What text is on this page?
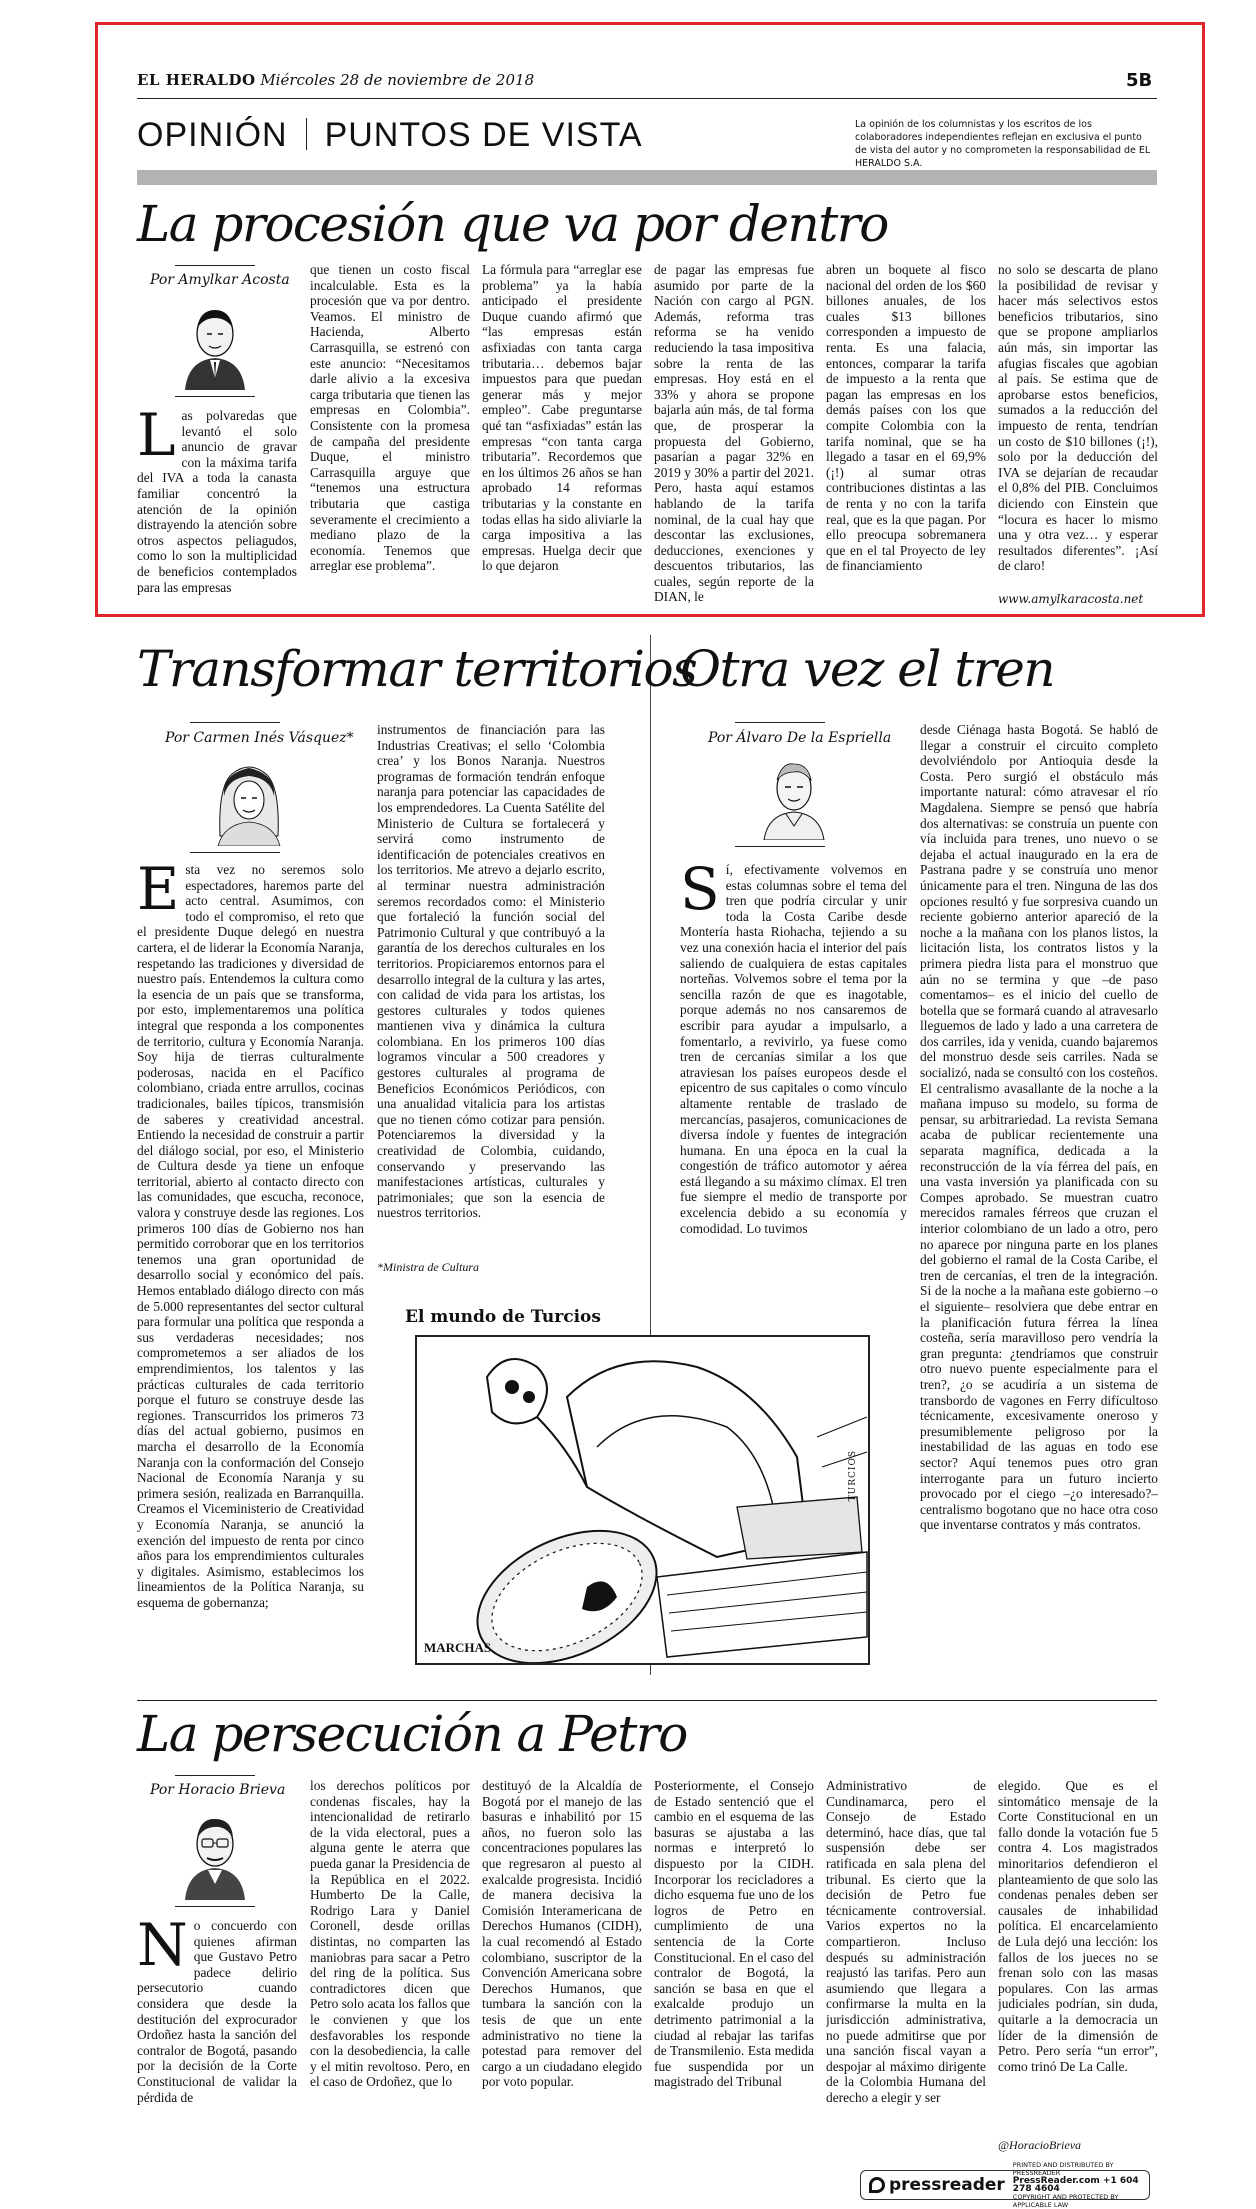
EL HERALDO Miércoles 28 de noviembre de 2018	5B
OPINIÓN PUNTOS DE VISTA	La opinión de los columnistas y los escritos de los colaboradores independientes reflejan en exclusiva el punto de vista del autor y no comprometen la responsabilidad de EL HERALDO S.A.
La procesión que va por dentro
Por Amylkar Acosta
Las polvaredas que levantó el solo anuncio de gravar con la máxima tarifa del IVA a toda la canasta familiar concentró la atención de la opinión distrayendo la atención sobre otros aspectos peliagudos, como lo son la multiplicidad de beneficios contemplados para las empresas
que tienen un costo fiscal incalculable. Esta es la procesión que va por dentro. Veamos. El ministro de Hacienda, Alberto Carrasquilla, se estrenó con este anuncio: “Necesitamos darle alivio a la excesiva carga tributaria que tienen las empresas en Colombia”. Consistente con la promesa de campaña del presidente Duque, el ministro Carrasquilla arguye que “tenemos una estructura tributaria que castiga severamente el crecimiento a mediano plazo de la economía. Tenemos que arreglar ese problema”.
La fórmula para “arreglar ese problema” ya la había anticipado el presidente Duque cuando afirmó que “las empresas están asfixiadas con tanta carga tributaria… debemos bajar impuestos para que puedan generar más y mejor empleo”. Cabe preguntarse qué tan “asfixiadas” están las empresas “con tanta carga tributaria”. Recordemos que en los últimos 26 años se han aprobado 14 reformas tributarias y la constante en todas ellas ha sido aliviarle la carga impositiva a las empresas. Huelga decir que lo que dejaron
de pagar las empresas fue asumido por parte de la Nación con cargo al PGN. Además, reforma tras reforma se ha venido reduciendo la tasa impositiva sobre la renta de las empresas. Hoy está en el 33% y ahora se propone bajarla aún más, de tal forma que, de prosperar la propuesta del Gobierno, pasarían a pagar 32% en 2019 y 30% a partir del 2021. Pero, hasta aquí estamos hablando de la tarifa nominal, de la cual hay que descontar las exclusiones, deducciones, exenciones y descuentos tributarios, las cuales, según reporte de la DIAN, le
abren un boquete al fisco nacional del orden de los $60 billones anuales, de los cuales $13 billones corresponden a impuesto de renta. Es una falacia, entonces, comparar la tarifa de impuesto a la renta que pagan las empresas en los demás países con los que compite Colombia con la tarifa nominal, que se ha llegado a tasar en el 69,9% (¡!) al sumar otras contribuciones distintas a las de renta y no con la tarifa real, que es la que pagan. Por ello preocupa sobremanera que en el tal Proyecto de ley de financiamiento
no solo se descarta de plano la posibilidad de revisar y hacer más selectivos estos beneficios tributarios, sino que se propone ampliarlos aún más, sin importar las afugias fiscales que agobian al país. Se estima que de aprobarse estos beneficios, sumados a la reducción del impuesto de renta, tendrían un costo de $10 billones (¡!), solo por la deducción del IVA se dejarían de recaudar el 0,8% del PIB. Concluimos diciendo con Einstein que “locura es hacer lo mismo una y otra vez… y esperar resultados diferentes”. ¡Así de claro!
www.amylkaracosta.net
Transformar territorios
Por Carmen Inés Vásquez*
Esta vez no seremos solo espectadores, haremos parte del acto central. Asumimos, con todo el compromiso, el reto que el presidente Duque delegó en nuestra cartera, el de liderar la Economía Naranja, respetando las tradiciones y diversidad de nuestro país. Entendemos la cultura como la esencia de un país que se transforma, por esto, implementaremos una política integral que responda a los componentes de territorio, cultura y Economía Naranja. Soy hija de tierras culturalmente poderosas, nacida en el Pacífico colombiano, criada entre arrullos, cocinas tradicionales, bailes típicos, transmisión de saberes y creatividad ancestral. Entiendo la necesidad de construir a partir del diálogo social, por eso, el Ministerio de Cultura desde ya tiene un enfoque territorial, abierto al contacto directo con las comunidades, que escucha, reconoce, valora y construye desde las regiones. Los primeros 100 días de Gobierno nos han permitido corroborar que en los territorios tenemos una gran oportunidad de desarrollo social y económico del país. Hemos entablado diálogo directo con más de 5.000 representantes del sector cultural para formular una política que responda a sus verdaderas necesidades; nos comprometemos a ser aliados de los emprendimientos, los talentos y las prácticas culturales de cada territorio porque el futuro se construye desde las regiones. Transcurridos los primeros 73 días del actual gobierno, pusimos en marcha el desarrollo de la Economía Naranja con la conformación del Consejo Nacional de Economía Naranja y su primera sesión, realizada en Barranquilla. Creamos el Viceministerio de Creatividad y Economía Naranja, se anunció la exención del impuesto de renta por cinco años para los emprendimientos culturales y digitales. Asimismo, establecimos los lineamientos de la Política Naranja, su esquema de gobernanza;
instrumentos de financiación para las Industrias Creativas; el sello ‘Colombia crea’ y los Bonos Naranja. Nuestros programas de formación tendrán enfoque naranja para potenciar las capacidades de los emprendedores. La Cuenta Satélite del Ministerio de Cultura se fortalecerá y servirá como instrumento de identificación de potenciales creativos en los territorios. Me atrevo a dejarlo escrito, al terminar nuestra administración seremos recordados como: el Ministerio que fortaleció la función social del Patrimonio Cultural y que contribuyó a la garantía de los derechos culturales en los territorios. Propiciaremos entornos para el desarrollo integral de la cultura y las artes, con calidad de vida para los artistas, los gestores culturales y todos quienes mantienen viva y dinámica la cultura colombiana. En los primeros 100 días logramos vincular a 500 creadores y gestores culturales al programa de Beneficios Económicos Periódicos, con una anualidad vitalicia para los artistas que no tienen cómo cotizar para pensión. Potenciaremos la diversidad y la creatividad de Colombia, cuidando, conservando y preservando las manifestaciones artísticas, culturales y patrimoniales; que son la esencia de nuestros territorios.
*Ministra de Cultura
El mundo de Turcios
TURCIOS
MARCHAS
Otra vez el tren
Por Álvaro De la Espriella
Sí, efectivamente volvemos en estas columnas sobre el tema del tren que podría circular y unir toda la Costa Caribe desde Montería hasta Riohacha, tejiendo a su vez una conexión hacia el interior del país saliendo de cualquiera de estas capitales norteñas. Volvemos sobre el tema por la sencilla razón de que es inagotable, porque además no nos cansaremos de escribir para ayudar a impulsarlo, a fomentarlo, a revivirlo, ya fuese como tren de cercanías similar a los que atraviesan los países europeos desde el epicentro de sus capitales o como vínculo altamente rentable de traslado de mercancías, pasajeros, comunicaciones de diversa índole y fuentes de integración humana. En una época en la cual la congestión de tráfico automotor y aérea está llegando a su máximo clímax. El tren fue siempre el medio de transporte por excelencia debido a su economía y comodidad. Lo tuvimos
desde Ciénaga hasta Bogotá. Se habló de llegar a construir el circuito completo devolviéndolo por Antioquia desde la Costa. Pero surgió el obstáculo más importante natural: cómo atravesar el río Magdalena. Siempre se pensó que habría dos alternativas: se construía un puente con vía incluida para trenes, uno nuevo o se dejaba el actual inaugurado en la era de Pastrana padre y se construía uno menor únicamente para el tren. Ninguna de las dos opciones resultó y fue sorpresiva cuando un reciente gobierno anterior apareció de la noche a la mañana con los planos listos, la licitación lista, los contratos listos y la primera piedra lista para el monstruo que aún no se termina y que –de paso comentamos– es el inicio del cuello de botella que se formará cuando al atravesarlo lleguemos de lado y lado a una carretera de dos carriles, ida y venida, cuando bajaremos del monstruo desde seis carriles. Nada se socializó, nada se consultó con los costeños. El centralismo avasallante de la noche a la mañana impuso su modelo, su forma de pensar, su arbitrariedad. La revista Semana acaba de publicar recientemente una separata magnífica, dedicada a la reconstrucción de la vía férrea del país, en una vasta inversión ya planificada con su Compes aprobado. Se muestran cuatro merecidos ramales férreos que cruzan el interior colombiano de un lado a otro, pero no aparece por ninguna parte en los planes del gobierno el ramal de la Costa Caribe, el tren de cercanías, el tren de la integración. Si de la noche a la mañana este gobierno –o el siguiente– resolviera que debe entrar en la planificación futura férrea la línea costeña, sería maravilloso pero vendría la gran pregunta: ¿tendríamos que construir otro nuevo puente especialmente para el tren?, ¿o se acudiría a un sistema de transbordo de vagones en Ferry difícultoso técnicamente, excesivamente oneroso y presumiblemente peligroso por la inestabilidad de las aguas en todo ese sector? Aquí tenemos pues otro gran interrogante para un futuro incierto provocado por el ciego –¿o interesado?– centralismo bogotano que no hace otra coso que inventarse contratos y más contratos.
La persecución a Petro
Por Horacio Brieva
No concuerdo con quienes afirman que Gustavo Petro padece delirio persecutorio cuando considera que desde la destitución del exprocurador Ordoñez hasta la sanción del contralor de Bogotá, pasando por la decisión de la Corte Constitucional de validar la pérdida de
los derechos políticos por condenas fiscales, hay la intencionalidad de retirarlo de la vida electoral, pues a alguna gente le aterra que pueda ganar la Presidencia de la República en el 2022. Humberto De la Calle, Rodrigo Lara y Daniel Coronell, desde orillas distintas, no comparten las maniobras para sacar a Petro del ring de la política. Sus contradictores dicen que Petro solo acata los fallos que le convienen y que los desfavorables los responde con la desobediencia, la calle y el mitin revoltoso. Pero, en el caso de Ordoñez, que lo
destituyó de la Alcaldía de Bogotá por el manejo de las basuras e inhabilitó por 15 años, no fueron solo las concentraciones populares las que regresaron al puesto al exalcalde progresista. Incidió de manera decisiva la Comisión Interamericana de Derechos Humanos (CIDH), la cual recomendó al Estado colombiano, suscriptor de la Convención Americana sobre Derechos Humanos, que tumbara la sanción con la tesis de que un ente administrativo no tiene la potestad para remover del cargo a un ciudadano elegido por voto popular.
Posteriormente, el Consejo de Estado sentenció que el cambio en el esquema de las basuras se ajustaba a las normas e interpretó lo dispuesto por la CIDH. Incorporar los recicladores a dicho esquema fue uno de los logros de Petro en cumplimiento de una sentencia de la Corte Constitucional. En el caso del contralor de Bogotá, la sanción se basa en que el exalcalde produjo un detrimento patrimonial a la ciudad al rebajar las tarifas de Transmilenio. Esta medida fue suspendida por un magistrado del Tribunal
Administrativo de Cundinamarca, pero el Consejo de Estado determinó, hace días, que tal suspensión debe ser ratificada en sala plena del tribunal. Es cierto que la decisión de Petro fue técnicamente controversial. Varios expertos no la compartieron. Incluso después su administración reajustó las tarifas. Pero aun asumiendo que llegara a confirmarse la multa en la jurisdicción administrativa, no puede admitirse que por una sanción fiscal vayan a despojar al máximo dirigente de la Colombia Humana del derecho a elegir y ser
elegido. Que es el sintomático mensaje de la Corte Constitucional en un fallo donde la votación fue 5 contra 4. Los magistrados minoritarios defendieron el planteamiento de que solo las condenas penales deben ser causales de inhabilidad política. El encarcelamiento de Lula dejó una lección: los fallos de los jueces no se frenan solo con las masas populares. Con las armas judiciales podrían, sin duda, quitarle a la democracia un líder de la dimensión de Petro. Pero sería “un error”, como trinó De La Calle.
@HoracioBrieva
pressreader
PRINTED AND DISTRIBUTED BY PRESSREADER
PressReader.com +1 604 278 4604
COPYRIGHT AND PROTECTED BY APPLICABLE LAW
